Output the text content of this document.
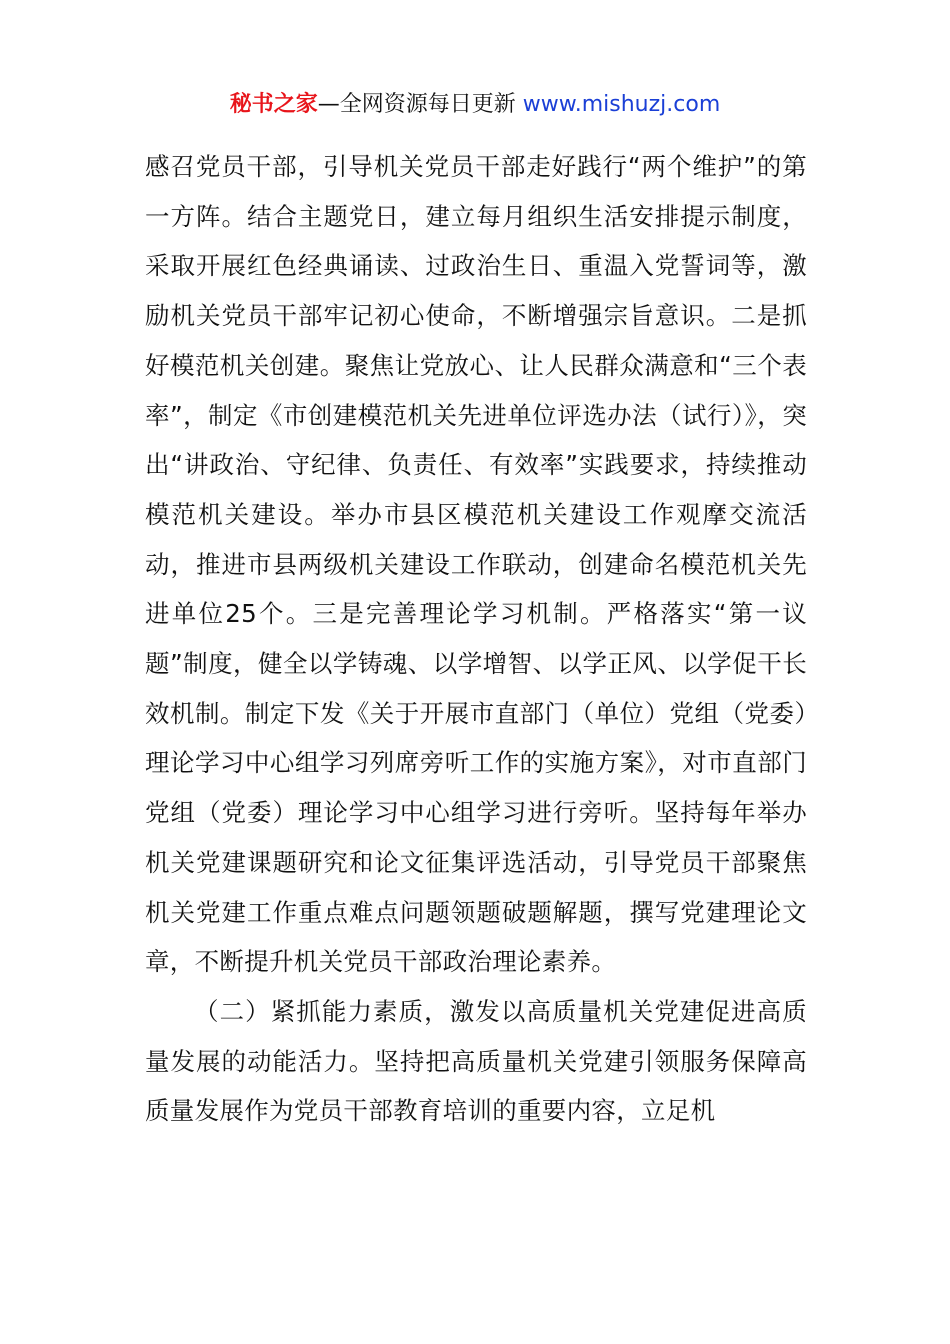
秘书之家—全网资源每日更新 www.mishuzj.com

感召党员干部，引导机关党员干部走好践行“两个维护”的第一方阵。结合主题党日，建立每月组织生活安排提示制度，采取开展红色经典诵读、过政治生日、重温入党誓词等，激励机关党员干部牢记初心使命，不断增强宗旨意识。二是抓好模范机关创建。聚焦让党放心、让人民群众满意和“三个表率”，制定《市创建模范机关先进单位评选办法（试行）》，突出“讲政治、守纪律、负责任、有效率”实践要求，持续推动模范机关建设。举办市县区模范机关建设工作观摩交流活动，推进市县两级机关建设工作联动，创建命名模范机关先进单位25个。三是完善理论学习机制。严格落实“第一议题”制度，健全以学铸魂、以学增智、以学正风、以学促干长效机制。制定下发《关于开展市直部门（单位）党组（党委）理论学习中心组学习列席旁听工作的实施方案》，对市直部门党组（党委）理论学习中心组学习进行旁听。坚持每年举办机关党建课题研究和论文征集评选活动，引导党员干部聚焦机关党建工作重点难点问题领题破题解题，撰写党建理论文章，不断提升机关党员干部政治理论素养。

（二）紧抓能力素质，激发以高质量机关党建促进高质量发展的动能活力。坚持把高质量机关党建引领服务保障高质量发展作为党员干部教育培训的重要内容，立足机
